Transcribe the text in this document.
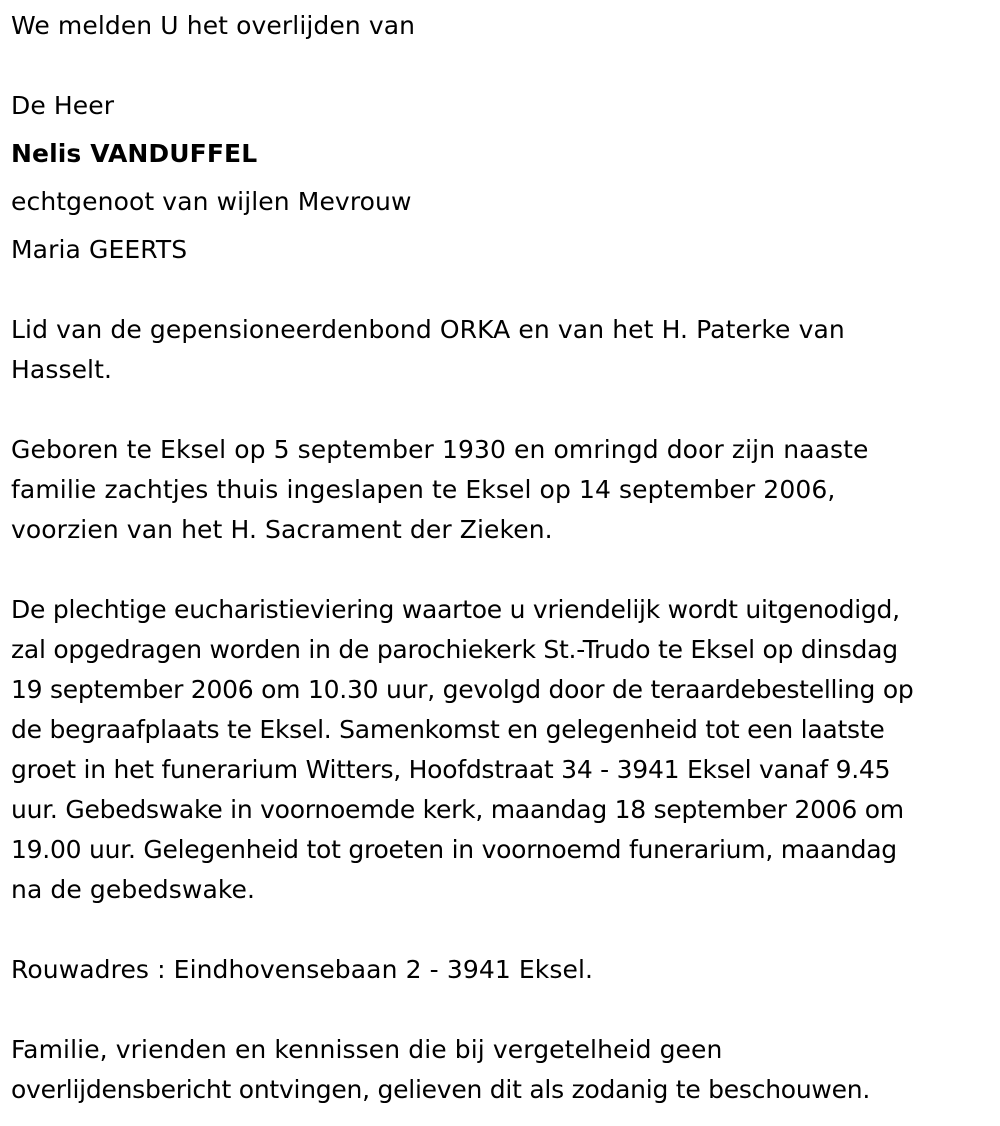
We melden U het overlijden van

De Heer

Nelis VANDUFFEL

echtgenoot van wijlen Mevrouw

Maria GEERTS

Lid van de gepensioneerdenbond ORKA en van het H. Paterke van

Hasselt.

Geboren te Eksel op 5 september 1930 en omringd door zijn naaste

familie zachtjes thuis ingeslapen te Eksel op 14 september 2006,

voorzien van het H. Sacrament der Zieken.

De plechtige eucharistieviering waartoe u vriendelijk wordt uitgenodigd,

zal opgedragen worden in de parochiekerk St.-Trudo te Eksel op dinsdag

19 september 2006 om 10.30 uur, gevolgd door de teraardebestelling op

de begraafplaats te Eksel. Samenkomst en gelegenheid tot een laatste

groet in het funerarium Witters, Hoofdstraat 34 - 3941 Eksel vanaf 9.45

uur. Gebedswake in voornoemde kerk, maandag 18 september 2006 om

19.00 uur. Gelegenheid tot groeten in voornoemd funerarium, maandag

na de gebedswake.

Rouwadres : Eindhovensebaan 2 - 3941 Eksel.

Familie, vrienden en kennissen die bij vergetelheid geen

overlijdensbericht ontvingen, gelieven dit als zodanig te beschouwen.
